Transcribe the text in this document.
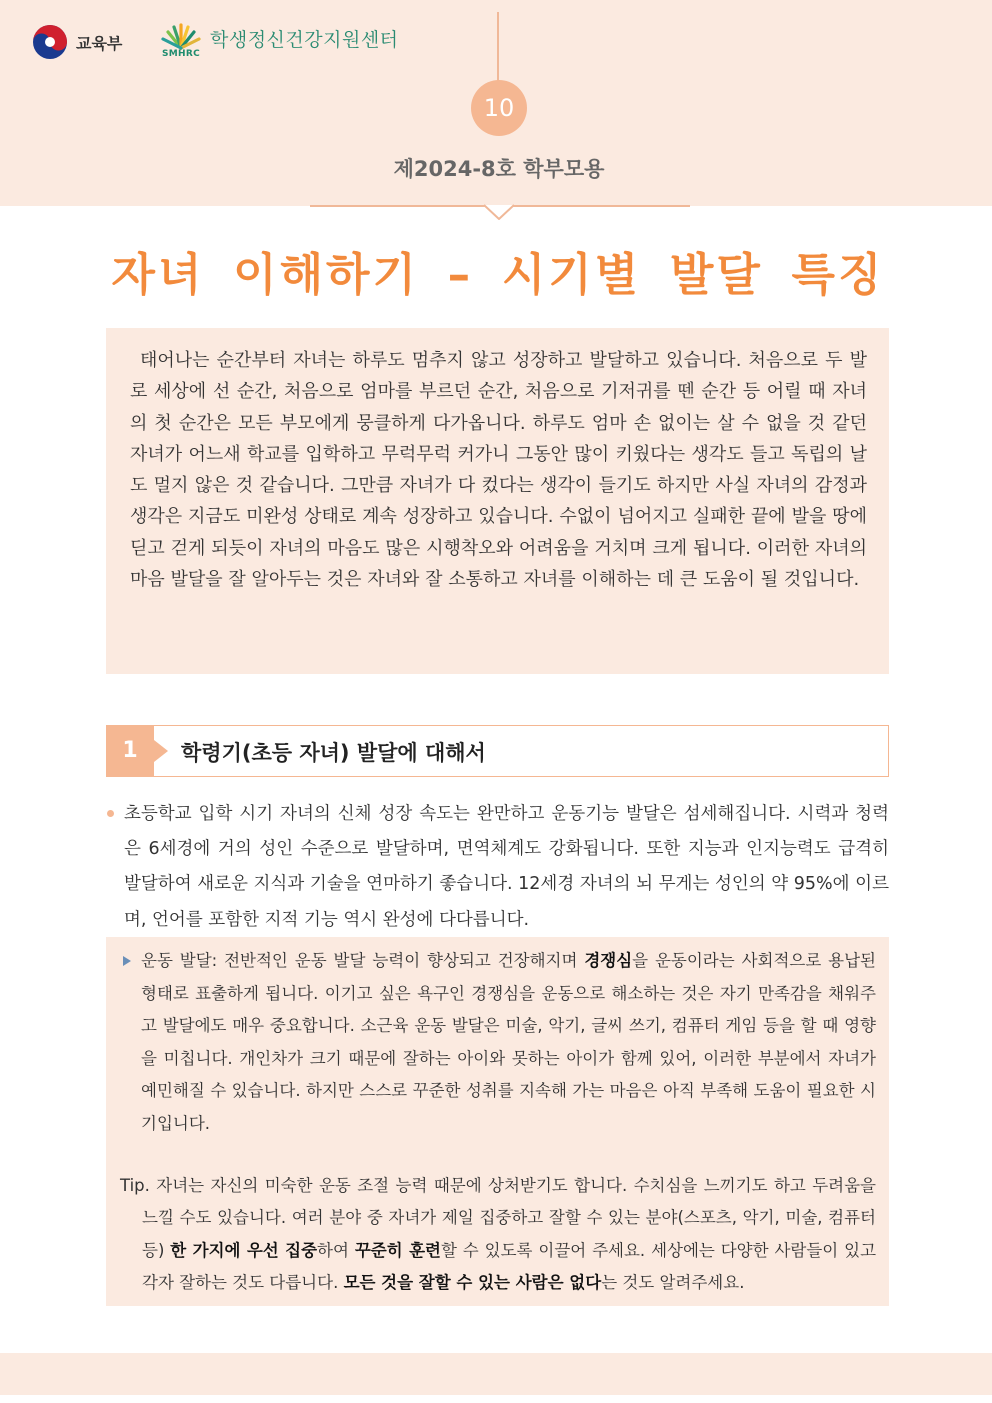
교육부
SMHRC
학생정신건강지원센터
10
제2024-8호 학부모용
자녀 이해하기 – 시기별 발달 특징

태어나는 순간부터 자녀는 하루도 멈추지 않고 성장하고 발달하고 있습니다. 처음으로 두 발로 세상에 선 순간, 처음으로 엄마를 부르던 순간, 처음으로 기저귀를 뗀 순간 등 어릴 때 자녀의 첫 순간은 모든 부모에게 뭉클하게 다가옵니다. 하루도 엄마 손 없이는 살 수 없을 것 같던 자녀가 어느새 학교를 입학하고 무럭무럭 커가니 그동안 많이 키웠다는 생각도 들고 독립의 날도 멀지 않은 것 같습니다. 그만큼 자녀가 다 컸다는 생각이 들기도 하지만 사실 자녀의 감정과 생각은 지금도 미완성 상태로 계속 성장하고 있습니다. 수없이 넘어지고 실패한 끝에 발을 땅에 딛고 걷게 되듯이 자녀의 마음도 많은 시행착오와 어려움을 거치며 크게 됩니다. 이러한 자녀의 마음 발달을 잘 알아두는 것은 자녀와 잘 소통하고 자녀를 이해하는 데 큰 도움이 될 것입니다.

1	학령기(초등 자녀) 발달에 대해서

초등학교 입학 시기 자녀의 신체 성장 속도는 완만하고 운동기능 발달은 섬세해집니다. 시력과 청력은 6세경에 거의 성인 수준으로 발달하며, 면역체계도 강화됩니다. 또한 지능과 인지능력도 급격히 발달하여 새로운 지식과 기술을 연마하기 좋습니다. 12세경 자녀의 뇌 무게는 성인의 약 95%에 이르며, 언어를 포함한 지적 기능 역시 완성에 다다릅니다.

운동 발달: 전반적인 운동 발달 능력이 향상되고 건장해지며 경쟁심을 운동이라는 사회적으로 용납된 형태로 표출하게 됩니다. 이기고 싶은 욕구인 경쟁심을 운동으로 해소하는 것은 자기 만족감을 채워주고 발달에도 매우 중요합니다. 소근육 운동 발달은 미술, 악기, 글씨 쓰기, 컴퓨터 게임 등을 할 때 영향을 미칩니다. 개인차가 크기 때문에 잘하는 아이와 못하는 아이가 함께 있어, 이러한 부분에서 자녀가 예민해질 수 있습니다. 하지만 스스로 꾸준한 성취를 지속해 가는 마음은 아직 부족해 도움이 필요한 시기입니다.

Tip. 자녀는 자신의 미숙한 운동 조절 능력 때문에 상처받기도 합니다. 수치심을 느끼기도 하고 두려움을 느낄 수도 있습니다. 여러 분야 중 자녀가 제일 집중하고 잘할 수 있는 분야(스포츠, 악기, 미술, 컴퓨터 등) 한 가지에 우선 집중하여 꾸준히 훈련할 수 있도록 이끌어 주세요. 세상에는 다양한 사람들이 있고 각자 잘하는 것도 다릅니다. 모든 것을 잘할 수 있는 사람은 없다는 것도 알려주세요.
